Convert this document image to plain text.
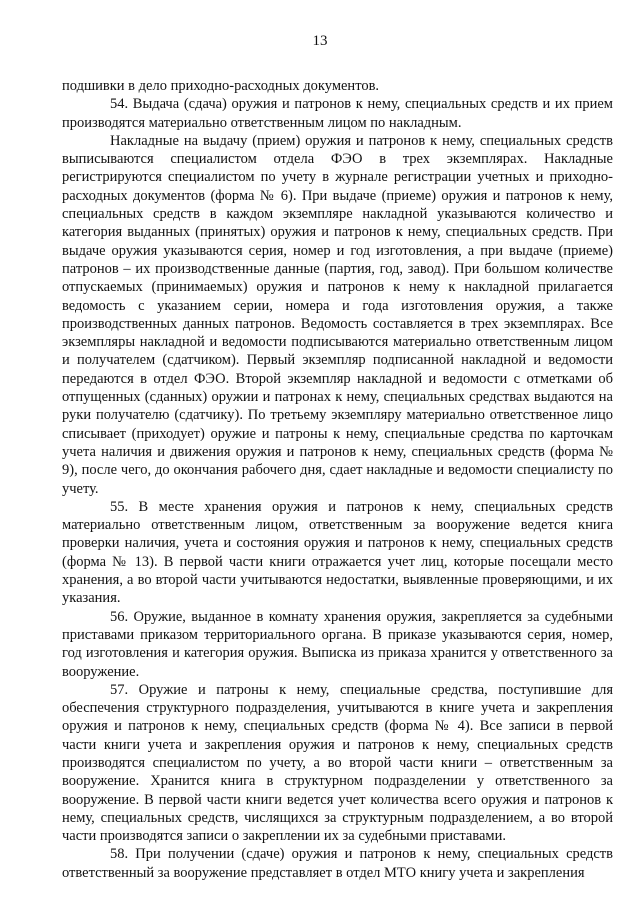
13

подшивки в дело приходно-расходных документов.

54. Выдача (сдача) оружия и патронов к нему, специальных средств и их прием производятся материально ответственным лицом по накладным.

Накладные на выдачу (прием) оружия и патронов к нему, специальных средств выписываются специалистом отдела ФЭО в трех экземплярах. Накладные регистрируются специалистом по учету в журнале регистрации учетных и приходно-расходных документов (форма № 6). При выдаче (приеме) оружия и патронов к нему, специальных средств в каждом экземпляре накладной указываются количество и категория выданных (принятых) оружия и патронов к нему, специальных средств. При выдаче оружия указываются серия, номер и год изготовления, а при выдаче (приеме) патронов – их производственные данные (партия, год, завод). При большом количестве отпускаемых (принимаемых) оружия и патронов к нему к накладной прилагается ведомость с указанием серии, номера и года изготовления оружия, а также производственных данных патронов. Ведомость составляется в трех экземплярах. Все экземпляры накладной и ведомости подписываются материально ответственным лицом и получателем (сдатчиком). Первый экземпляр подписанной накладной и ведомости передаются в отдел ФЭО. Второй экземпляр накладной и ведомости с отметками об отпущенных (сданных) оружии и патронах к нему, специальных средствах выдаются на руки получателю (сдатчику). По третьему экземпляру материально ответственное лицо списывает (приходует) оружие и патроны к нему, специальные средства по карточкам учета наличия и движения оружия и патронов к нему, специальных средств (форма № 9), после чего, до окончания рабочего дня, сдает накладные и ведомости специалисту по учету.

55. В месте хранения оружия и патронов к нему, специальных средств материально ответственным лицом, ответственным за вооружение ведется книга проверки наличия, учета и состояния оружия и патронов к нему, специальных средств (форма № 13). В первой части книги отражается учет лиц, которые посещали место хранения, а во второй части учитываются недостатки, выявленные проверяющими, и их указания.

56. Оружие, выданное в комнату хранения оружия, закрепляется за судебными приставами приказом территориального органа. В приказе указываются серия, номер, год изготовления и категория оружия. Выписка из приказа хранится у ответственного за вооружение.

57. Оружие и патроны к нему, специальные средства, поступившие для обеспечения структурного подразделения, учитываются в книге учета и закрепления оружия и патронов к нему, специальных средств (форма № 4). Все записи в первой части книги учета и закрепления оружия и патронов к нему, специальных средств производятся специалистом по учету, а во второй части книги – ответственным за вооружение. Хранится книга в структурном подразделении у ответственного за вооружение. В первой части книги ведется учет количества всего оружия и патронов к нему, специальных средств, числящихся за структурным подразделением, а во второй части производятся записи о закреплении их за судебными приставами.

58. При получении (сдаче) оружия и патронов к нему, специальных средств ответственный за вооружение представляет в отдел МТО книгу учета и закрепления
